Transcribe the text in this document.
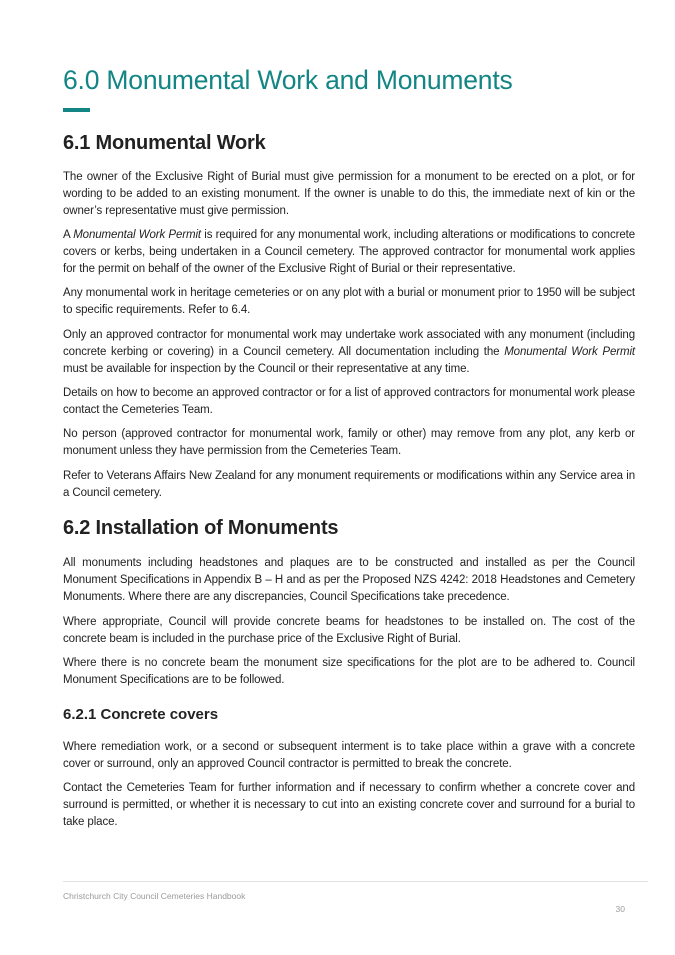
6.0 Monumental Work and Monuments
6.1 Monumental Work

The owner of the Exclusive Right of Burial must give permission for a monument to be erected on a plot, or for wording to be added to an existing monument. If the owner is unable to do this, the immediate next of kin or the owner’s representative must give permission.

A Monumental Work Permit is required for any monumental work, including alterations or modifications to concrete covers or kerbs, being undertaken in a Council cemetery. The approved contractor for monumental work applies for the permit on behalf of the owner of the Exclusive Right of Burial or their representative.

Any monumental work in heritage cemeteries or on any plot with a burial or monument prior to 1950 will be subject to specific requirements. Refer to 6.4.

Only an approved contractor for monumental work may undertake work associated with any monument (including concrete kerbing or covering) in a Council cemetery. All documentation including the Monumental Work Permit must be available for inspection by the Council or their representative at any time.

Details on how to become an approved contractor or for a list of approved contractors for monumental work please contact the Cemeteries Team.

No person (approved contractor for monumental work, family or other) may remove from any plot, any kerb or monument unless they have permission from the Cemeteries Team.

Refer to Veterans Affairs New Zealand for any monument requirements or modifications within any Service area in a Council cemetery.

6.2 Installation of Monuments

All monuments including headstones and plaques are to be constructed and installed as per the Council Monument Specifications in Appendix B – H and as per the Proposed NZS 4242: 2018 Headstones and Cemetery Monuments. Where there are any discrepancies, Council Specifications take precedence.

Where appropriate, Council will provide concrete beams for headstones to be installed on. The cost of the concrete beam is included in the purchase price of the Exclusive Right of Burial.

Where there is no concrete beam the monument size specifications for the plot are to be adhered to. Council Monument Specifications are to be followed.

6.2.1 Concrete covers

Where remediation work, or a second or subsequent interment is to take place within a grave with a concrete cover or surround, only an approved Council contractor is permitted to break the concrete.

Contact the Cemeteries Team for further information and if necessary to confirm whether a concrete cover and surround is permitted, or whether it is necessary to cut into an existing concrete cover and surround for a burial to take place.

Christchurch City Council Cemeteries Handbook
30
